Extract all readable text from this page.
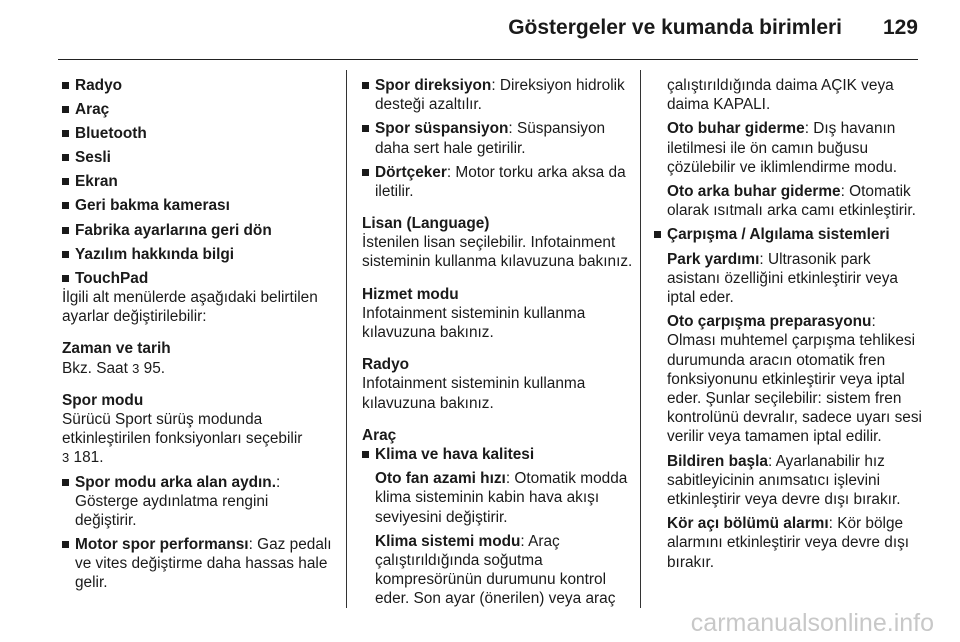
Göstergeler ve kumanda birimleri 129
Radyo
Araç
Bluetooth
Sesli
Ekran
Geri bakma kamerası
Fabrika ayarlarına geri dön
Yazılım hakkında bilgi
TouchPad

İlgili alt menülerde aşağıdaki belirtilen ayarlar değiştirilebilir:

Zaman ve tarih

Bkz. Saat 3 95.

Spor modu

Sürücü Sport sürüş modunda etkinleştirilen fonksiyonları seçebilir
3 181.

Spor modu arka alan aydın.: Gösterge aydınlatma rengini değiştirir.
Motor spor performansı: Gaz pedalı ve vites değiştirme daha hassas hale gelir.
Spor direksiyon: Direksiyon hidrolik desteği azaltılır.
Spor süspansiyon: Süspansiyon daha sert hale getirilir.
Dörtçeker: Motor torku arka aksa da iletilir.

Lisan (Language)

İstenilen lisan seçilebilir. Infotainment sisteminin kullanma kılavuzuna bakınız.

Hizmet modu

Infotainment sisteminin kullanma kılavuzuna bakınız.

Radyo

Infotainment sisteminin kullanma kılavuzuna bakınız.

Araç

Klima ve hava kalitesi

Oto fan azami hızı: Otomatik modda klima sisteminin kabin hava akışı seviyesini değiştirir.

Klima sistemi modu: Araç çalıştırıldığında soğutma kompresörünün durumunu kontrol eder. Son ayar (önerilen) veya araç

çalıştırıldığında daima AÇIK veya daima KAPALI.

Oto buhar giderme: Dış havanın iletilmesi ile ön camın buğusu çözülebilir ve iklimlendirme modu.

Oto arka buhar giderme: Otomatik olarak ısıtmalı arka camı etkinleştirir.

Çarpışma / Algılama sistemleri

Park yardımı: Ultrasonik park asistanı özelliğini etkinleştirir veya iptal eder.

Oto çarpışma preparasyonu: Olması muhtemel çarpışma tehlikesi durumunda aracın otomatik fren fonksiyonunu etkinleştirir veya iptal eder. Şunlar seçilebilir: sistem fren kontrolünü devralır, sadece uyarı sesi verilir veya tamamen iptal edilir.

Bildiren başla: Ayarlanabilir hız sabitleyicinin anımsatıcı işlevini etkinleştirir veya devre dışı bırakır.

Kör açı bölümü alarmı: Kör bölge alarmını etkinleştirir veya devre dışı bırakır.

carmanualsonline.info
